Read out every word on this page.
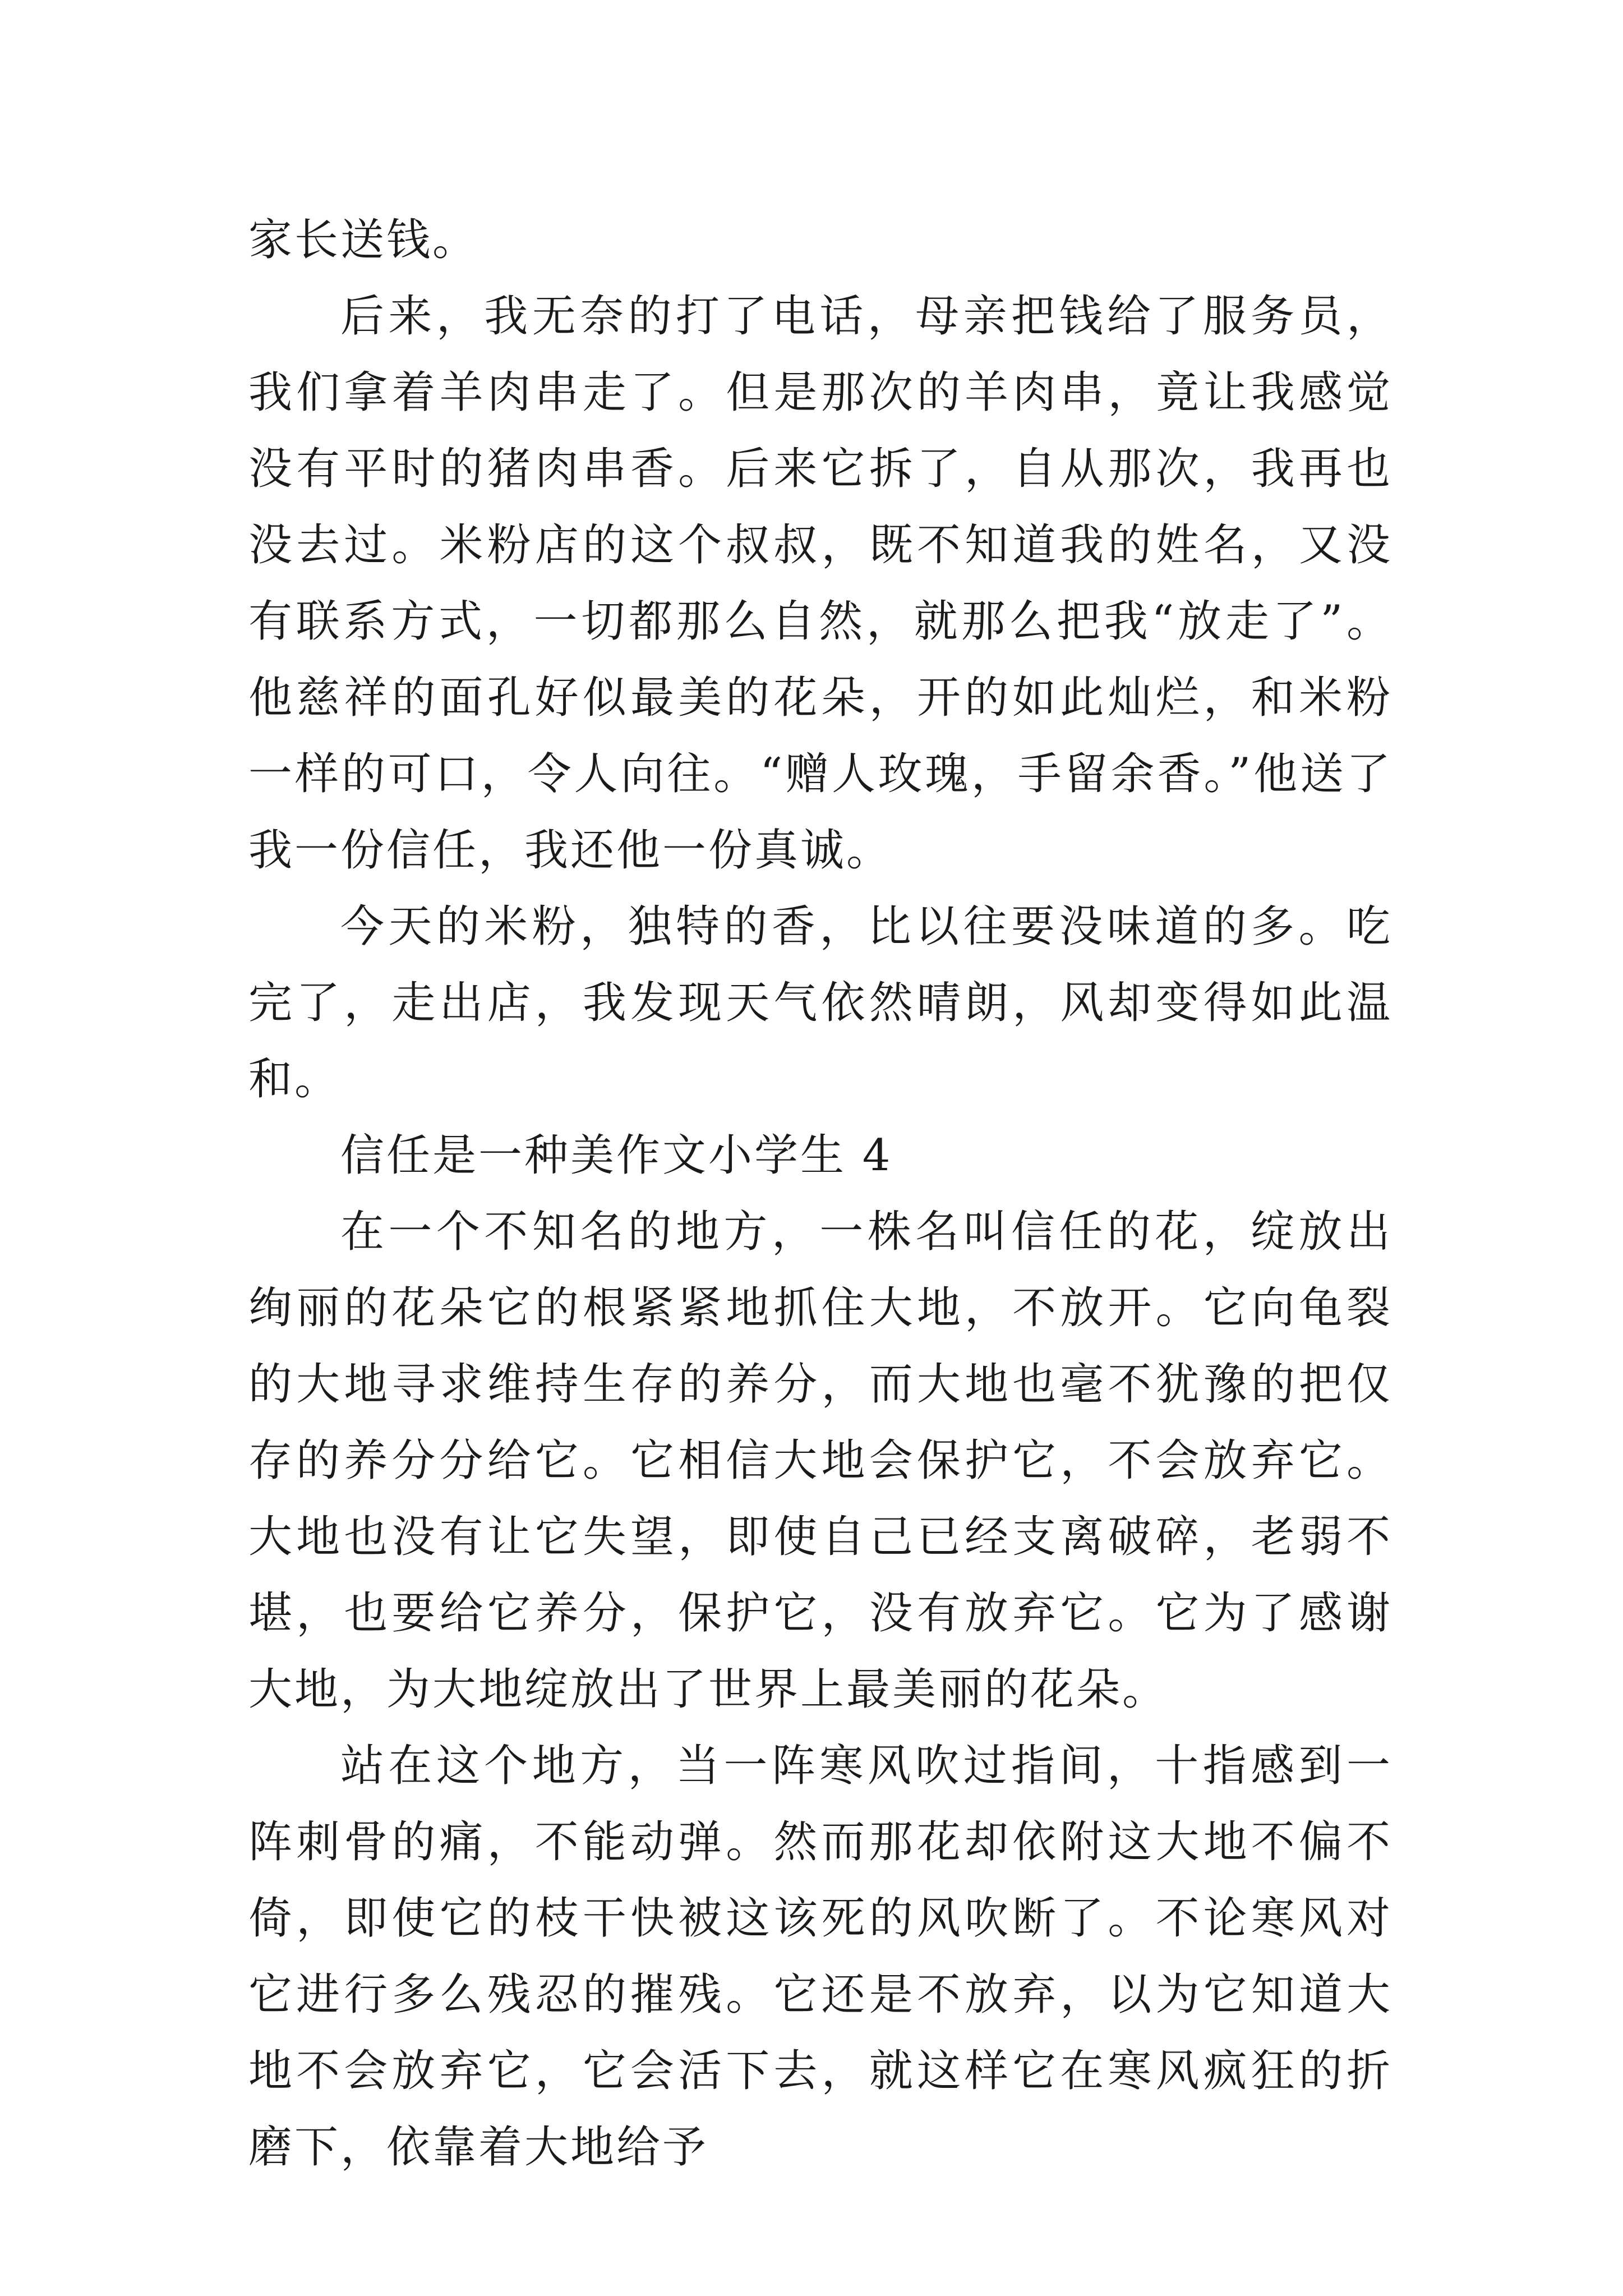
家长送钱。

后来，我无奈的打了电话，母亲把钱给了服务员，我们拿着羊肉串走了。但是那次的羊肉串，竟让我感觉没有平时的猪肉串香。后来它拆了，自从那次，我再也没去过。米粉店的这个叔叔，既不知道我的姓名，又没有联系方式，一切都那么自然，就那么把我“放走了”。他慈祥的面孔好似最美的花朵，开的如此灿烂，和米粉一样的可口，令人向往。“赠人玫瑰，手留余香。”他送了我一份信任，我还他一份真诚。

今天的米粉，独特的香，比以往要没味道的多。吃完了，走出店，我发现天气依然晴朗，风却变得如此温和。

信任是一种美作文小学生 4

在一个不知名的地方，一株名叫信任的花，绽放出绚丽的花朵它的根紧紧地抓住大地，不放开。它向龟裂的大地寻求维持生存的养分，而大地也毫不犹豫的把仅存的养分分给它。它相信大地会保护它，不会放弃它。大地也没有让它失望，即使自己已经支离破碎，老弱不堪，也要给它养分，保护它，没有放弃它。它为了感谢大地，为大地绽放出了世界上最美丽的花朵。

站在这个地方，当一阵寒风吹过指间，十指感到一阵刺骨的痛，不能动弹。然而那花却依附这大地不偏不倚，即使它的枝干快被这该死的风吹断了。不论寒风对它进行多么残忍的摧残。它还是不放弃，以为它知道大地不会放弃它，它会活下去，就这样它在寒风疯狂的折磨下，依靠着大地给予
